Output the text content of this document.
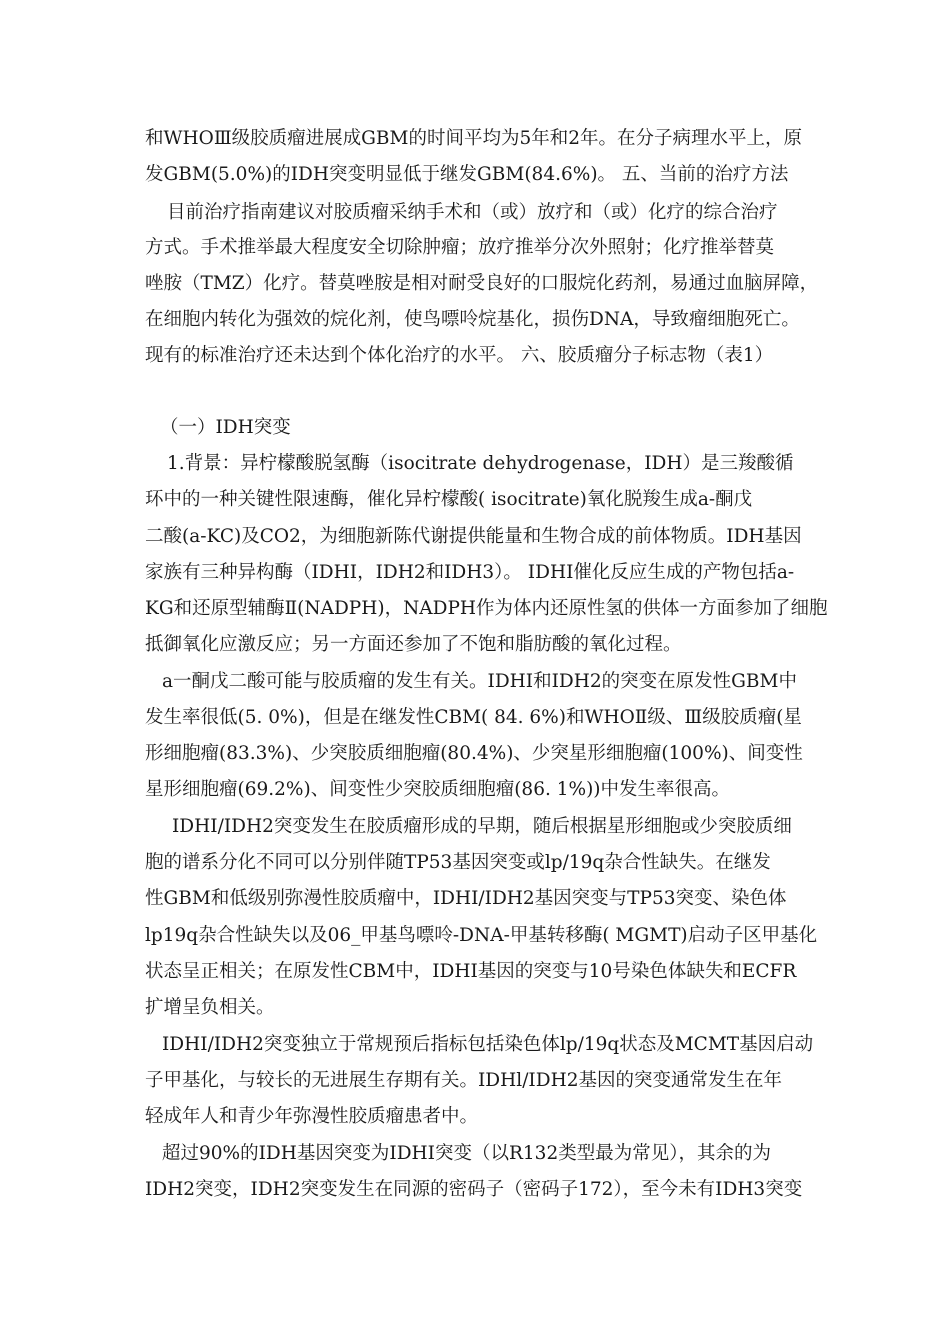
和WHOⅢ级胶质瘤进展成GBM的时间平均为5年和2年。在分子病理水平上，原
发GBM(5.0%)的IDH突变明显低于继发GBM(84.6%)。 五、当前的治疗方法
目前治疗指南建议对胶质瘤采纳手术和（或）放疗和（或）化疗的综合治疗
方式。手术推举最大程度安全切除肿瘤；放疗推举分次外照射；化疗推举替莫
唑胺（TMZ）化疗。替莫唑胺是相对耐受良好的口服烷化药剂，易通过血脑屏障，
在细胞内转化为强效的烷化剂，使鸟嘌呤烷基化，损伤DNA，导致瘤细胞死亡。
现有的标准治疗还未达到个体化治疗的水平。 六、胶质瘤分子标志物（表1）
（一）IDH突变
1.背景：异柠檬酸脱氢酶（isocitrate dehydrogenase，IDH）是三羧酸循
环中的一种关键性限速酶，催化异柠檬酸( isocitrate)氧化脱羧生成a-酮戊
二酸(a-KC)及CO2，为细胞新陈代谢提供能量和生物合成的前体物质。IDH基因
家族有三种异构酶（IDHI，IDH2和IDH3）。 IDHI催化反应生成的产物包括a-
KG和还原型辅酶Ⅱ(NADPH)，NADPH作为体内还原性氢的供体一方面参加了细胞
抵御氧化应激反应；另一方面还参加了不饱和脂肪酸的氧化过程。
a一酮戊二酸可能与胶质瘤的发生有关。IDHI和IDH2的突变在原发性GBM中
发生率很低(5. 0%)，但是在继发性CBM( 84. 6%)和WHOⅡ级、Ⅲ级胶质瘤(星
形细胞瘤(83.3%)、少突胶质细胞瘤(80.4%)、少突星形细胞瘤(100%)、间变性
星形细胞瘤(69.2%)、间变性少突胶质细胞瘤(86. 1%))中发生率很高。
IDHI/IDH2突变发生在胶质瘤形成的早期，随后根据星形细胞或少突胶质细
胞的谱系分化不同可以分别伴随TP53基因突变或lp/19q杂合性缺失。在继发
性GBM和低级别弥漫性胶质瘤中，IDHI/IDH2基因突变与TP53突变、染色体
lp19q杂合性缺失以及06_甲基鸟嘌呤-DNA-甲基转移酶( MGMT)启动子区甲基化
状态呈正相关；在原发性CBM中，IDHI基因的突变与10号染色体缺失和ECFR
扩增呈负相关。
IDHI/IDH2突变独立于常规预后指标包括染色体lp/19q状态及MCMT基因启动
子甲基化，与较长的无进展生存期有关。IDHl/IDH2基因的突变通常发生在年
轻成年人和青少年弥漫性胶质瘤患者中。
超过90%的IDH基因突变为IDHI突变（以R132类型最为常见），其余的为
IDH2突变，IDH2突变发生在同源的密码子（密码子172），至今未有IDH3突变
